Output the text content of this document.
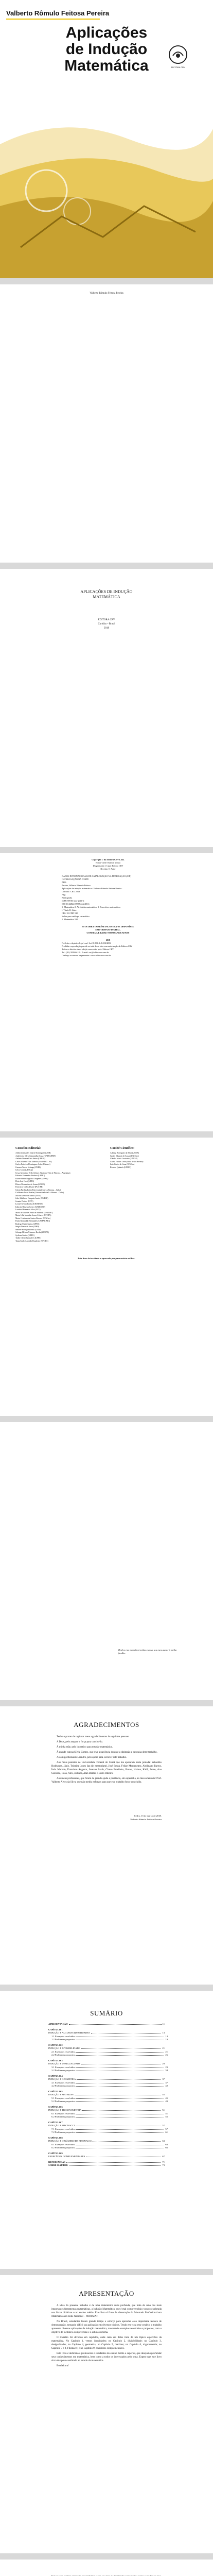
Valberto Rômulo Feitosa Pereira
Aplicações
de Indução
Matemática	EDITORA CRV
Valberto Rômulo Feitosa Pereira
APLICAÇÕES DE INDUÇÃO
MATEMÁTICA
EDITORA CRV
Curitiba – Brasil
2018
Copyright © da Editora CRV Ltda.
Editor-chefe: Railson Moura
Diagramação e Capa: Editora CRV
Revisão: O Autor
DADOS INTERNACIONAIS DE CATALOGAÇÃO NA PUBLICAÇÃO (CIP)
CATALOGAÇÃO NA FONTE
P436
Pereira, Valberto Rômulo Feitosa
Aplicações de indução matemática / Valberto Rômulo Feitosa Pereira –
Curitiba : CRV, 2018.
74 p.
Bibliografia
ISBN 978-85-444-2400-6
DOI 10.24824/978854442400.6
1. Matemática 2. Atividades matemáticas 3. Exercícios matemáticos
I. Título II. Série.
CDU 51 CDD 510
Índice para catálogo sistemático
1. Matemática 510
ESTA OBRA TAMBÉM ENCONTRA-SE DISPONÍVEL
EM FORMATO DIGITAL.
CONHEÇA E BAIXE NOSSO APLICATIVO!
2018
Foi feito o depósito legal conf. Lei 10.994 de 14/12/2004
Proibida a reprodução parcial ou total desta obra sem autorização da Editora CRV
Todos os direitos desta edição reservados pela: Editora CRV
Tel.: (41) 3039-6418 – E-mail: sac@editoracrv.com.br
Conheça os nossos lançamentos: www.editoracrv.com.br
Conselho Editorial:
Aldira Guimarães Duarte Domínguez (UNB)
Andréia da Silva Quintanilha Sousa (UNIR/UFRN)
Antônio Pereira Gaio Júnior (UFRRJ)
Carlos Alberto Vilar Estêvão (UMINHO – PT)
Carlos Federico Dominguez Avila (Unieuro)
Carmen Tereza Velanga (UNIR)
Celso Conti (UFSCar)
Cesar Gerónimo Tello (Univer. Nacional Três de Febrero – Argentina)
Eduardo Fernandes Barbosa (UFMG)
Elione Maria Nogueira Diogenes (UFAL)
Élsio José Corá (UFFS)
Elizeu Clementino de Souza (UNEB)
Francisco Carlos Duarte (PUC-PR)
Gloria Fariñas León (Universidade de La Havana – Cuba)
Guillermo Arias Beatón (Universidade de La Havana – Cuba)
Jailson Alves dos Santos (UFRJ)
João Adalberto Campato Junior (UNESP)
Josania Portela (UFPI)
Leonel Severo Rocha (UNISINOS)
Lídia de Oliveira Xavier (UNIEURO)
Lourdes Helena da Silva (UFV)
Maria de Lourdes Pinto de Almeida (UNOESC)
Maria Lília Imbiriba Sousa Colares (UFOPA)
Maria Cristina dos Santos Bezerra (UFSCar)
Paulo Romualdo Hernandes (UNIFAL-MG)
Rodrigo Pratte-Santos (UFES)
Sérgio Nunes de Jesus (IFRO)
Simone Rodrigues Pinto (UNB)
Solange Helena Ximenes-Rocha (UFOPA)
Sydione Santos (UEPG)
Tadeu Oliver Gonçalves (UFPA)
Tania Suely Azevedo Brasileiro (UFOPA)
Comitê Científico:
Adriana Rodrigues da Silva (UNEB)
Carlos Eduardo de Souza (UNIFAL)
Cláudia Maria Luvizotto (UNESP)
Gloria Fariñas León (Univ. de La Havana)
Luiz Carlos de Lima (UFSCar)
Ricardo Quintela (UFMG)
Este livro foi avaliado e aprovado por pareceristas ad hoc.
Dedico este trabalho à minha esposa, aos meus pais e à minha família.
AGRADECIMENTOS

Tenho o prazer de registrar meus agradecimentos às seguintes pessoas:

A Deus, pelo amparo e força para concluí-lo.

À minha mãe, pelo incentivo para estudar matemática.

À grande esposa Sílvia Gomes, que teve a paciência durante a digitação e pesquisa deste trabalho.

Ao amigo Reinaldo Leandro, pelo apoio para escrever este trabalho.

Aos meus parentes de Universidade Federal do Ceará que me apoiaram nesta jornada: Sebastião Rodrigues, Jânio, Teixeira Lopes Ipu (in memoriam), José Sousa, Felipe Montenegro, Abdênago Barros, Ítalo Macedo, Francisco Augusto, Joseane Sarah, Cícero Brasileiro, Bruno, Halana, Kalil, Jaime, Ana Caroline, Rosa, Alex, Julliana, Alan Dantas e Dario Ribeiro.

Aos meus professores, que foram de grande ajuda e paciência, em especial a, ao meu orientador Prof. Valberto Alves da Silva, que não mediu esforços para que este trabalho fosse concluído.

Cedro, 15 de março de 2018.
Valberto Rômulo Feitosa Pereira
SUMÁRIO
APRESENTAÇÃO	11
CAPÍTULO 1
INDUÇÃO E ALGUMAS IDENTIDADES	13
1.1 Exemplos resolvidos	13
1.2 Problemas propostos	19
CAPÍTULO 2
INDUÇÃO E DIVISIBILIDADE	21
2.1 Exemplos resolvidos	21
2.2 Problemas propostos	26
CAPÍTULO 3
INDUÇÃO E DESIGUALDADE	29
3.1 Exemplos resolvidos	29
3.2 Problemas propostos	34
CAPÍTULO 4
INDUÇÃO E GEOMETRIA	37
4.1 Exemplos resolvidos	37
4.2 Problemas propostos	42
CAPÍTULO 5
INDUÇÃO E MATRIZES	45
5.1 Exemplos resolvidos	45
5.2 Problemas propostos	49
CAPÍTULO 6
INDUÇÃO E TRIGONOMETRIA	51
6.1 Exemplos resolvidos	51
6.2 Problemas propostos	55
CAPÍTULO 7
INDUÇÃO E FIBONACCI	57
7.1 Exemplos resolvidos	57
7.2 Problemas propostos	61
CAPÍTULO 8
INDUÇÃO E O NÚMERO DE FIBONACCI	63
8.1 Exemplos resolvidos	63
8.2 Problemas propostos	66
CAPÍTULO 9
EXERCÍCIOS COMPLEMENTARES	67
REFERÊNCIAS	71
SOBRE O AUTOR	73
APRESENTAÇÃO

A ideia do presente trabalho é de uma matemática mais profunda, que trata de uma das mais importantes ferramentas matemáticas, a Indução Matemática, que é mal compreendida e pouco explorada nos livros didáticos e no ensino médio. Este livro é fruto da dissertação do Mestrado Profissional em Matemática em Rede Nacional – PROFMAT.

No Brasil, estudantes levam grande tempo e esforço para aprender essa importante técnica de demonstração, tornando difícil sua aplicação em diversos tópicos. Tendo em vista esse cenário, o trabalho apresenta diversas aplicações de indução matemática, mostrando exemplos resolvidos e propostos, com o objetivo de facilitar a compreensão e o estudo do tema.

O trabalho foi dividido em capítulos, onde cada um deles trata de um tópico específico da matemática. No Capítulo 1, vemos identidades; no Capítulo 2, divisibilidade; no Capítulo 3, desigualdades; no Capítulo 4, geometria; no Capítulo 5, matrizes; no Capítulo 6, trigonometria; no Capítulo 7 e 8, Fibonacci; e no Capítulo 9, exercícios complementares.

Este livro é dedicado a professores e estudantes do ensino médio e superior, que desejam aprofundar seus conhecimentos em matemática, bem como a todos os interessados pelo tema. Espero que este livro sirva de apoio e estímulo ao estudo da matemática.

Boa leitura!
